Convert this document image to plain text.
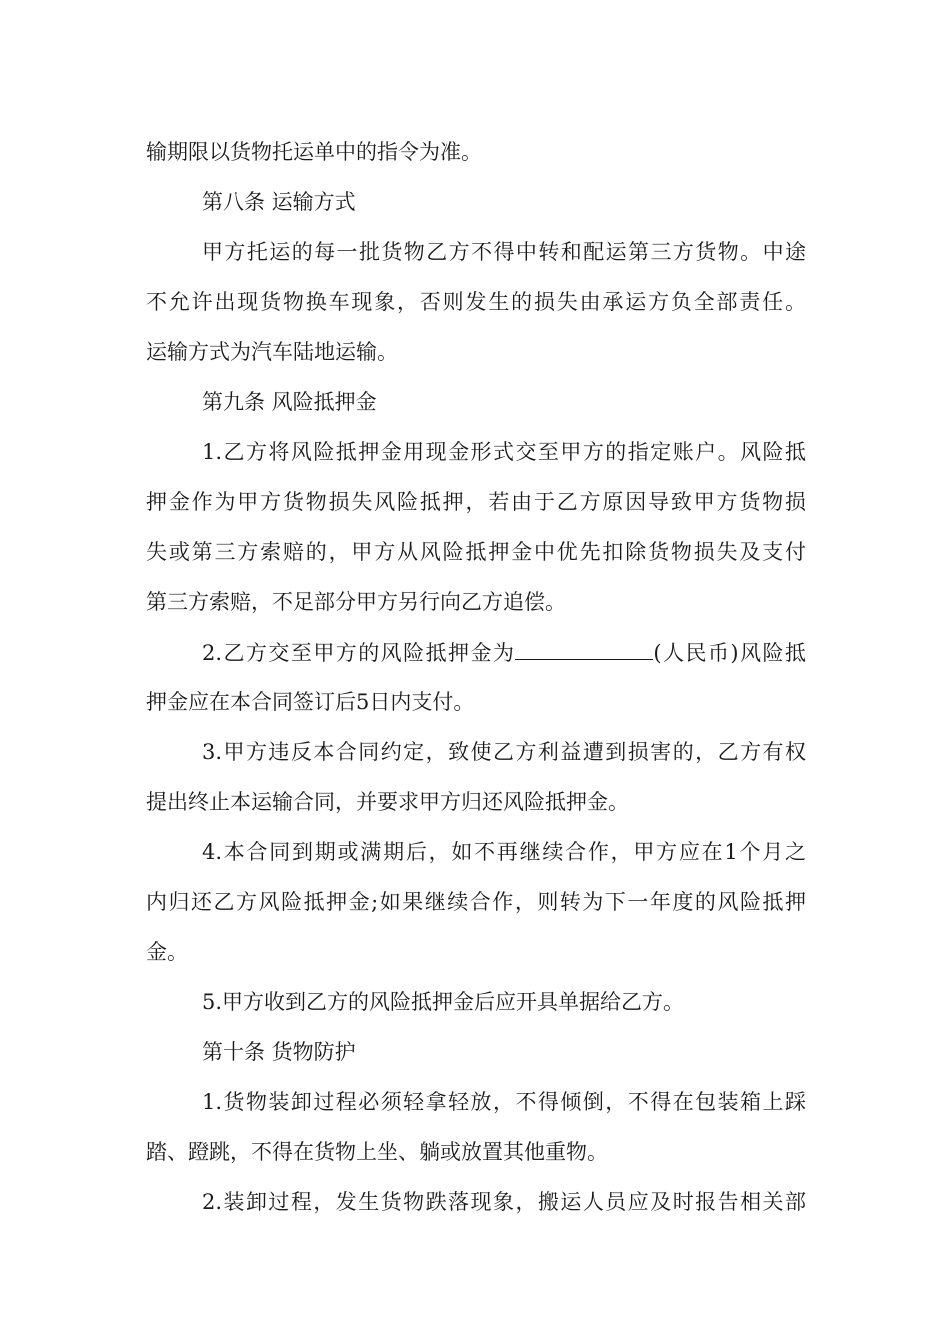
输期限以货物托运单中的指令为准。
第八条 运输方式
甲方托运的每一批货物乙方不得中转和配运第三方货物。中途
不允许出现货物换车现象，否则发生的损失由承运方负全部责任。
运输方式为汽车陆地运输。
第九条 风险抵押金
1.乙方将风险抵押金用现金形式交至甲方的指定账户。风险抵
押金作为甲方货物损失风险抵押，若由于乙方原因导致甲方货物损
失或第三方索赔的，甲方从风险抵押金中优先扣除货物损失及支付
第三方索赔，不足部分甲方另行向乙方追偿。
2.乙方交至甲方的风险抵押金为	(人民币)风险抵
押金应在本合同签订后5日内支付。
3.甲方违反本合同约定，致使乙方利益遭到损害的，乙方有权
提出终止本运输合同，并要求甲方归还风险抵押金。
4.本合同到期或满期后，如不再继续合作，甲方应在1个月之
内归还乙方风险抵押金;如果继续合作，则转为下一年度的风险抵押
金。
5.甲方收到乙方的风险抵押金后应开具单据给乙方。
第十条 货物防护
1.货物装卸过程必须轻拿轻放，不得倾倒，不得在包装箱上踩
踏、蹬跳，不得在货物上坐、躺或放置其他重物。
2.装卸过程，发生货物跌落现象，搬运人员应及时报告相关部
